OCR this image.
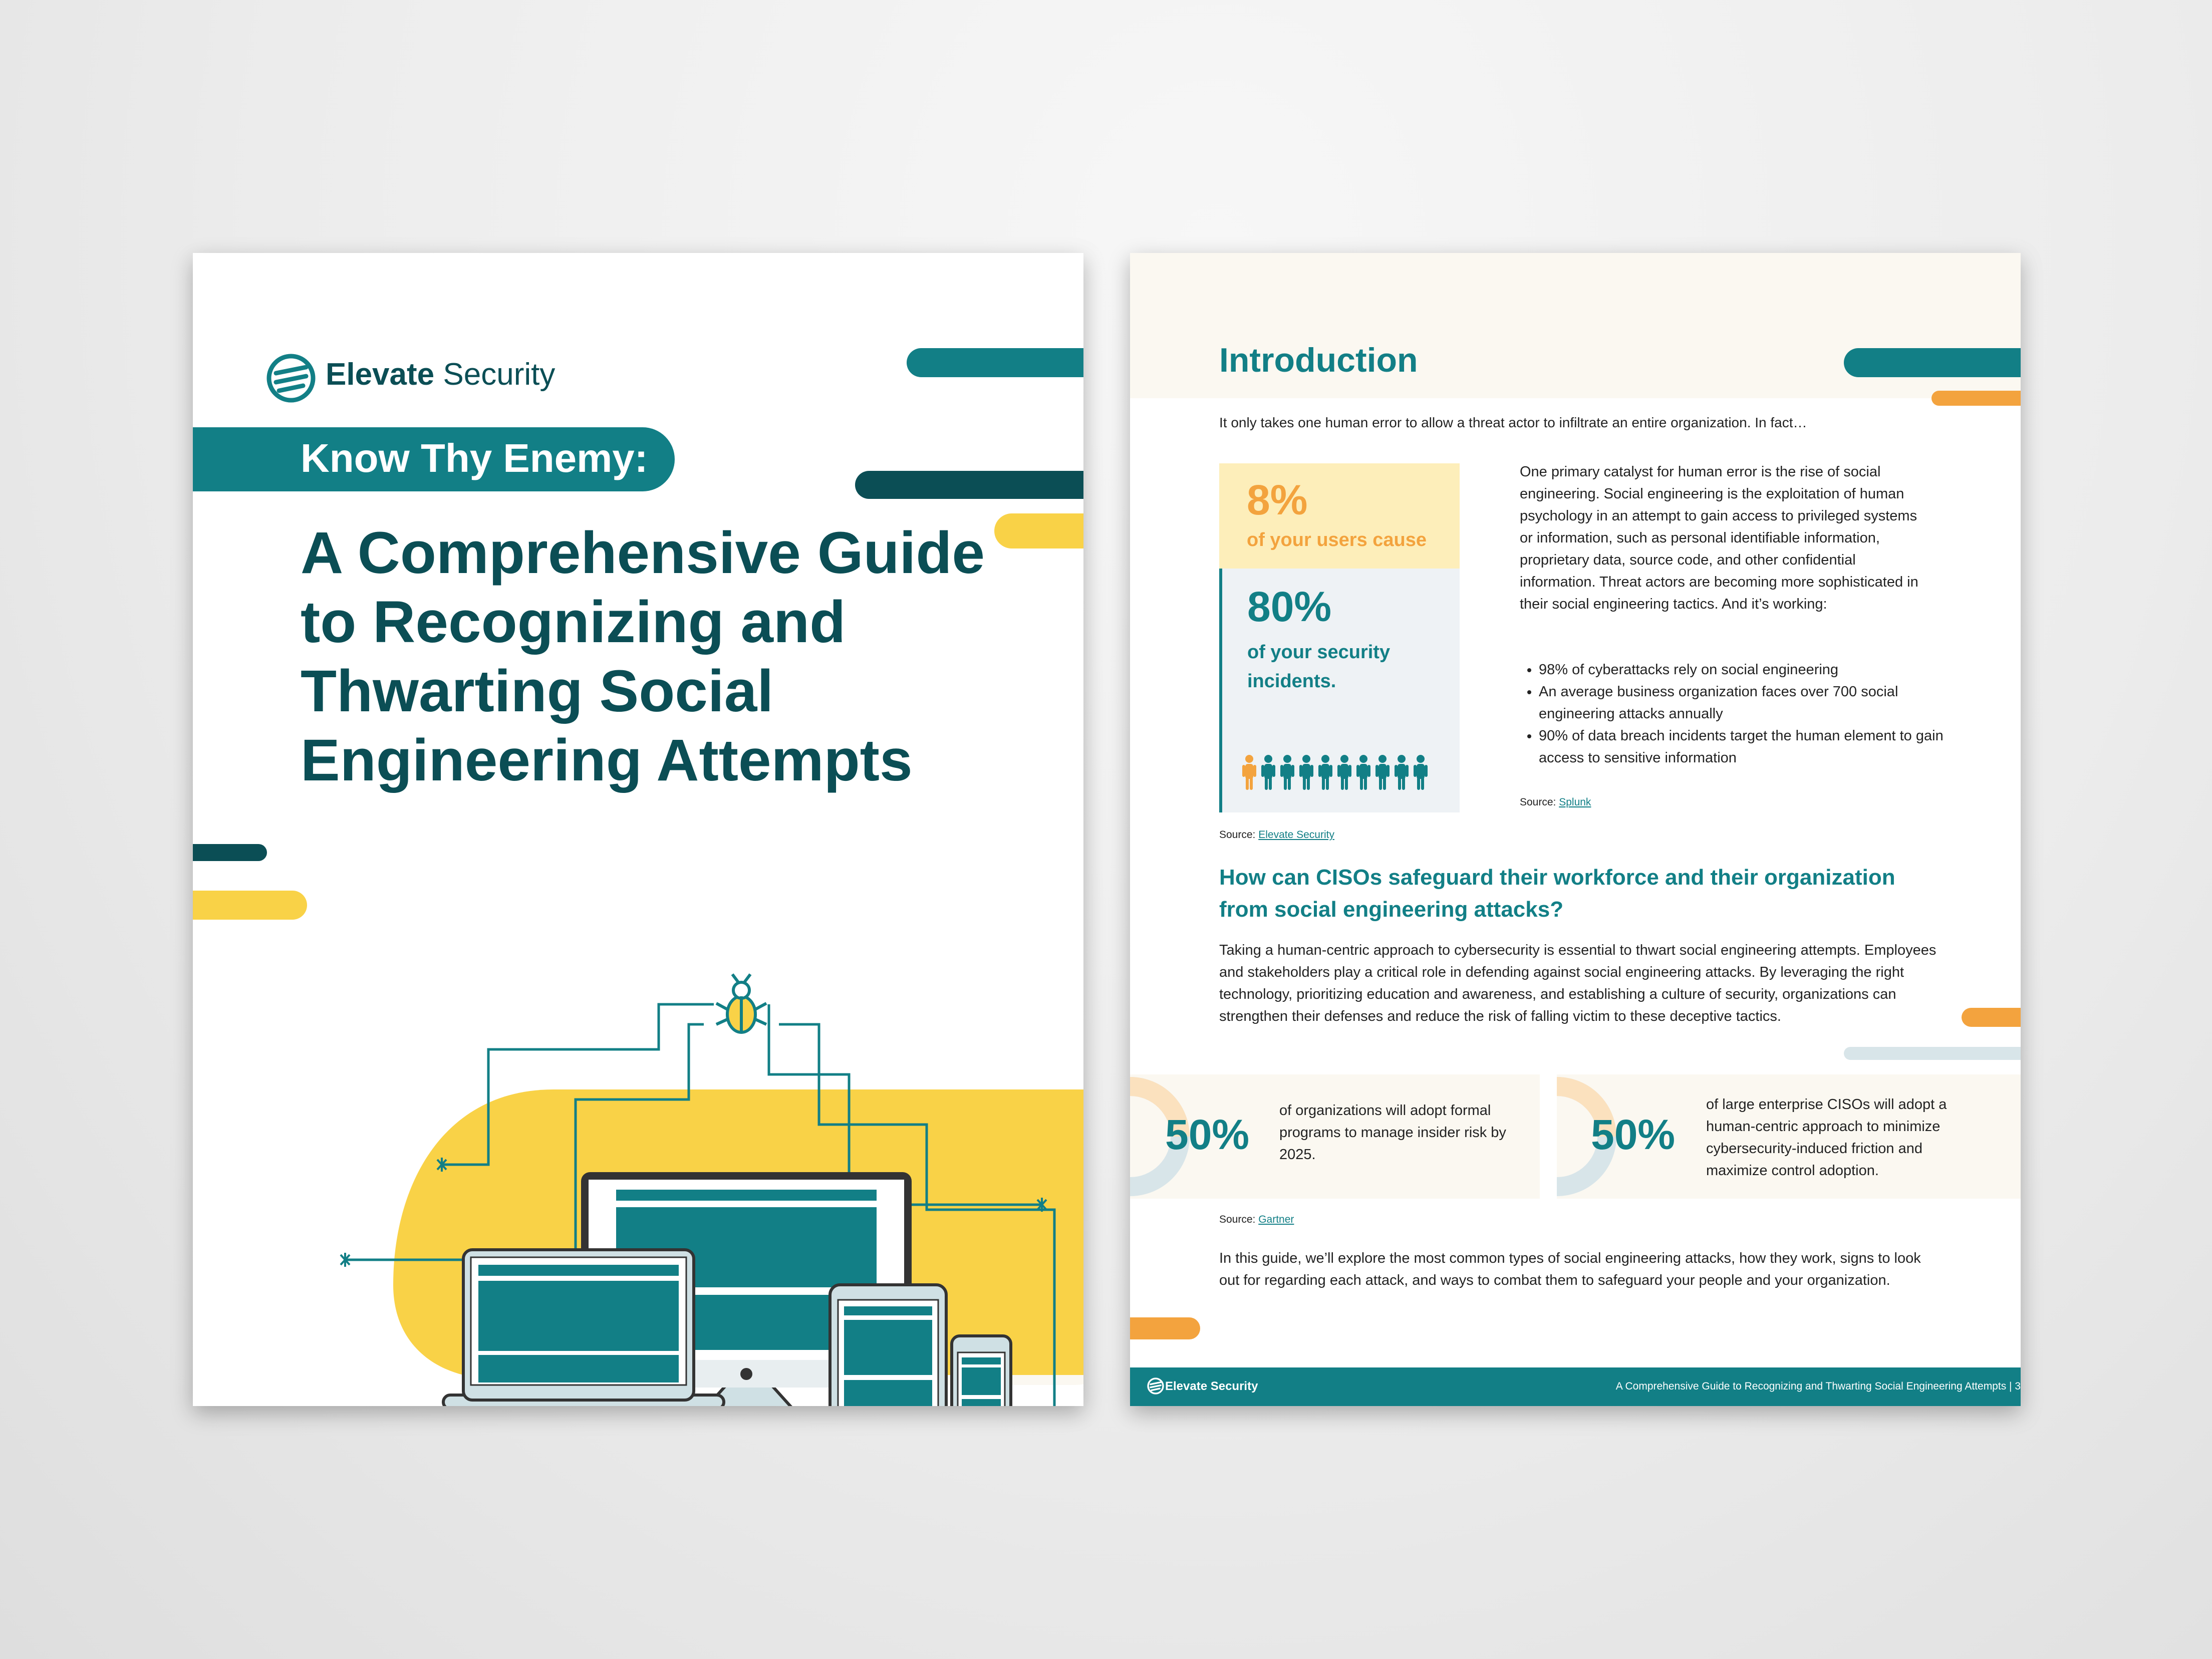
Elevate Security
Know Thy Enemy:
A Comprehensive Guide to Recognizing and Thwarting Social Engineering Attempts
Introduction
It only takes one human error to allow a threat actor to infiltrate an entire organization. In fact…
8%
of your users cause
80%
of your security incidents.
Source: Elevate Security

One primary catalyst for human error is the rise of social engineering. Social engineering is the exploitation of human psychology in an attempt to gain access to privileged systems or information, such as personal identifiable information, proprietary data, source code, and other confidential information. Threat actors are becoming more sophisticated in their social engineering tactics. And it’s working:

• 98% of cyberattacks rely on social engineering
• An average business organization faces over 700 social engineering attacks annually
• 90% of data breach incidents target the human element to gain access to sensitive information
Source: Splunk

How can CISOs safeguard their workforce and their organization from social engineering attacks?

Taking a human-centric approach to cybersecurity is essential to thwart social engineering attempts. Employees and stakeholders play a critical role in defending against social engineering attacks. By leveraging the right technology, prioritizing education and awareness, and establishing a culture of security, organizations can strengthen their defenses and reduce the risk of falling victim to these deceptive tactics.

50%

of organizations will adopt formal programs to manage insider risk by 2025.	50%

of large enterprise CISOs will adopt a human-centric approach to minimize cybersecurity-induced friction and maximize control adoption.

Source: Gartner

In this guide, we’ll explore the most common types of social engineering attacks, how they work, signs to look out for regarding each attack, and ways to combat them to safeguard your people and your organization.

Elevate Security	A Comprehensive Guide to Recognizing and Thwarting Social Engineering Attempts | 3
